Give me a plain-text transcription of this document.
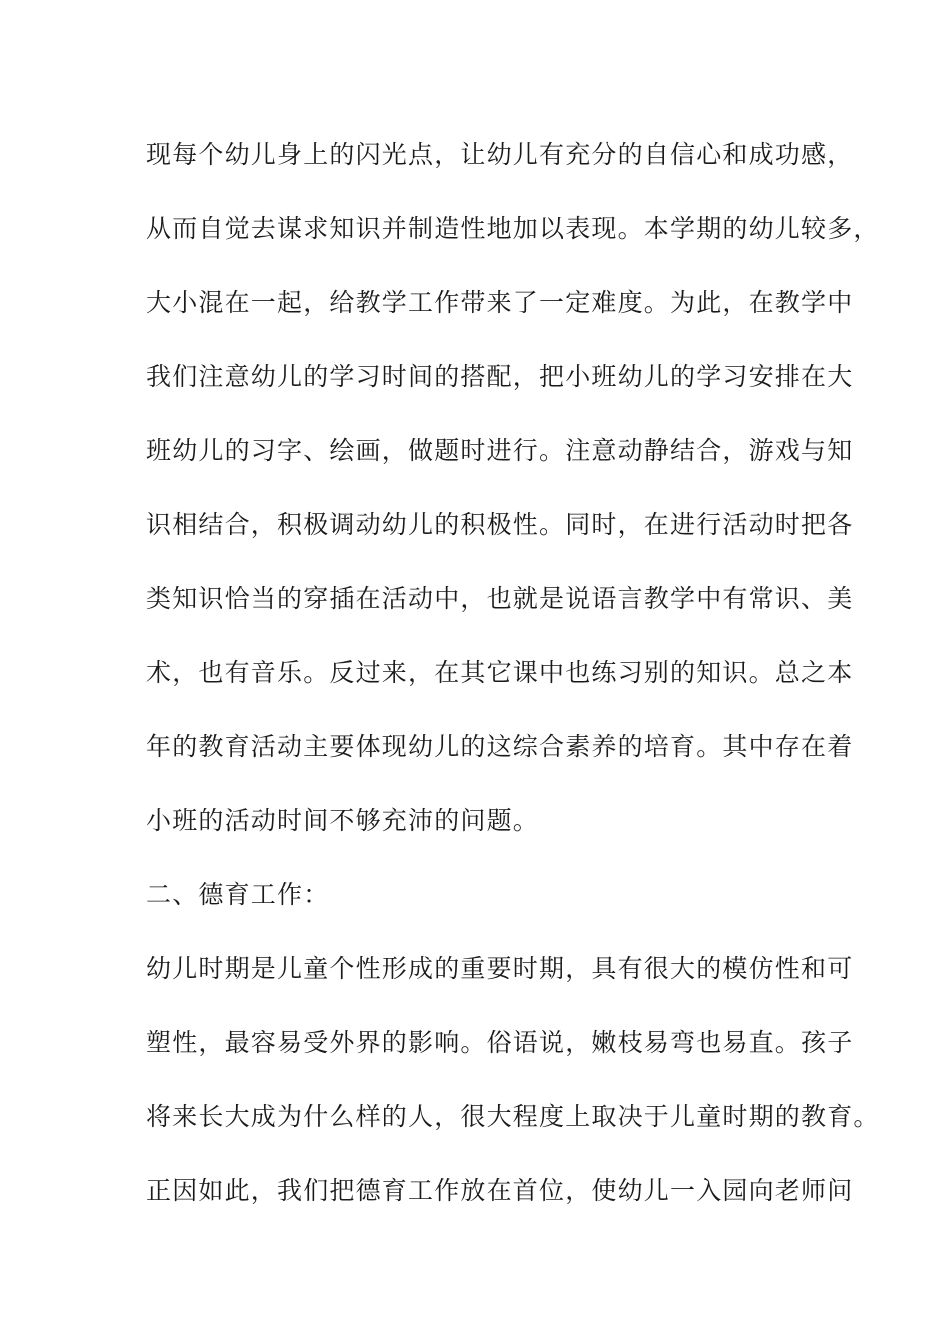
现每个幼儿身上的闪光点，让幼儿有充分的自信心和成功感，
从而自觉去谋求知识并制造性地加以表现。本学期的幼儿较多，
大小混在一起，给教学工作带来了一定难度。为此，在教学中
我们注意幼儿的学习时间的搭配，把小班幼儿的学习安排在大
班幼儿的习字、绘画，做题时进行。注意动静结合，游戏与知
识相结合，积极调动幼儿的积极性。同时，在进行活动时把各
类知识恰当的穿插在活动中，也就是说语言教学中有常识、美
术，也有音乐。反过来，在其它课中也练习别的知识。总之本
年的教育活动主要体现幼儿的这综合素养的培育。其中存在着
小班的活动时间不够充沛的问题。
二、德育工作：
幼儿时期是儿童个性形成的重要时期，具有很大的模仿性和可
塑性，最容易受外界的影响。俗语说，嫩枝易弯也易直。孩子
将来长大成为什么样的人，很大程度上取决于儿童时期的教育。
正因如此，我们把德育工作放在首位，使幼儿一入园向老师问
